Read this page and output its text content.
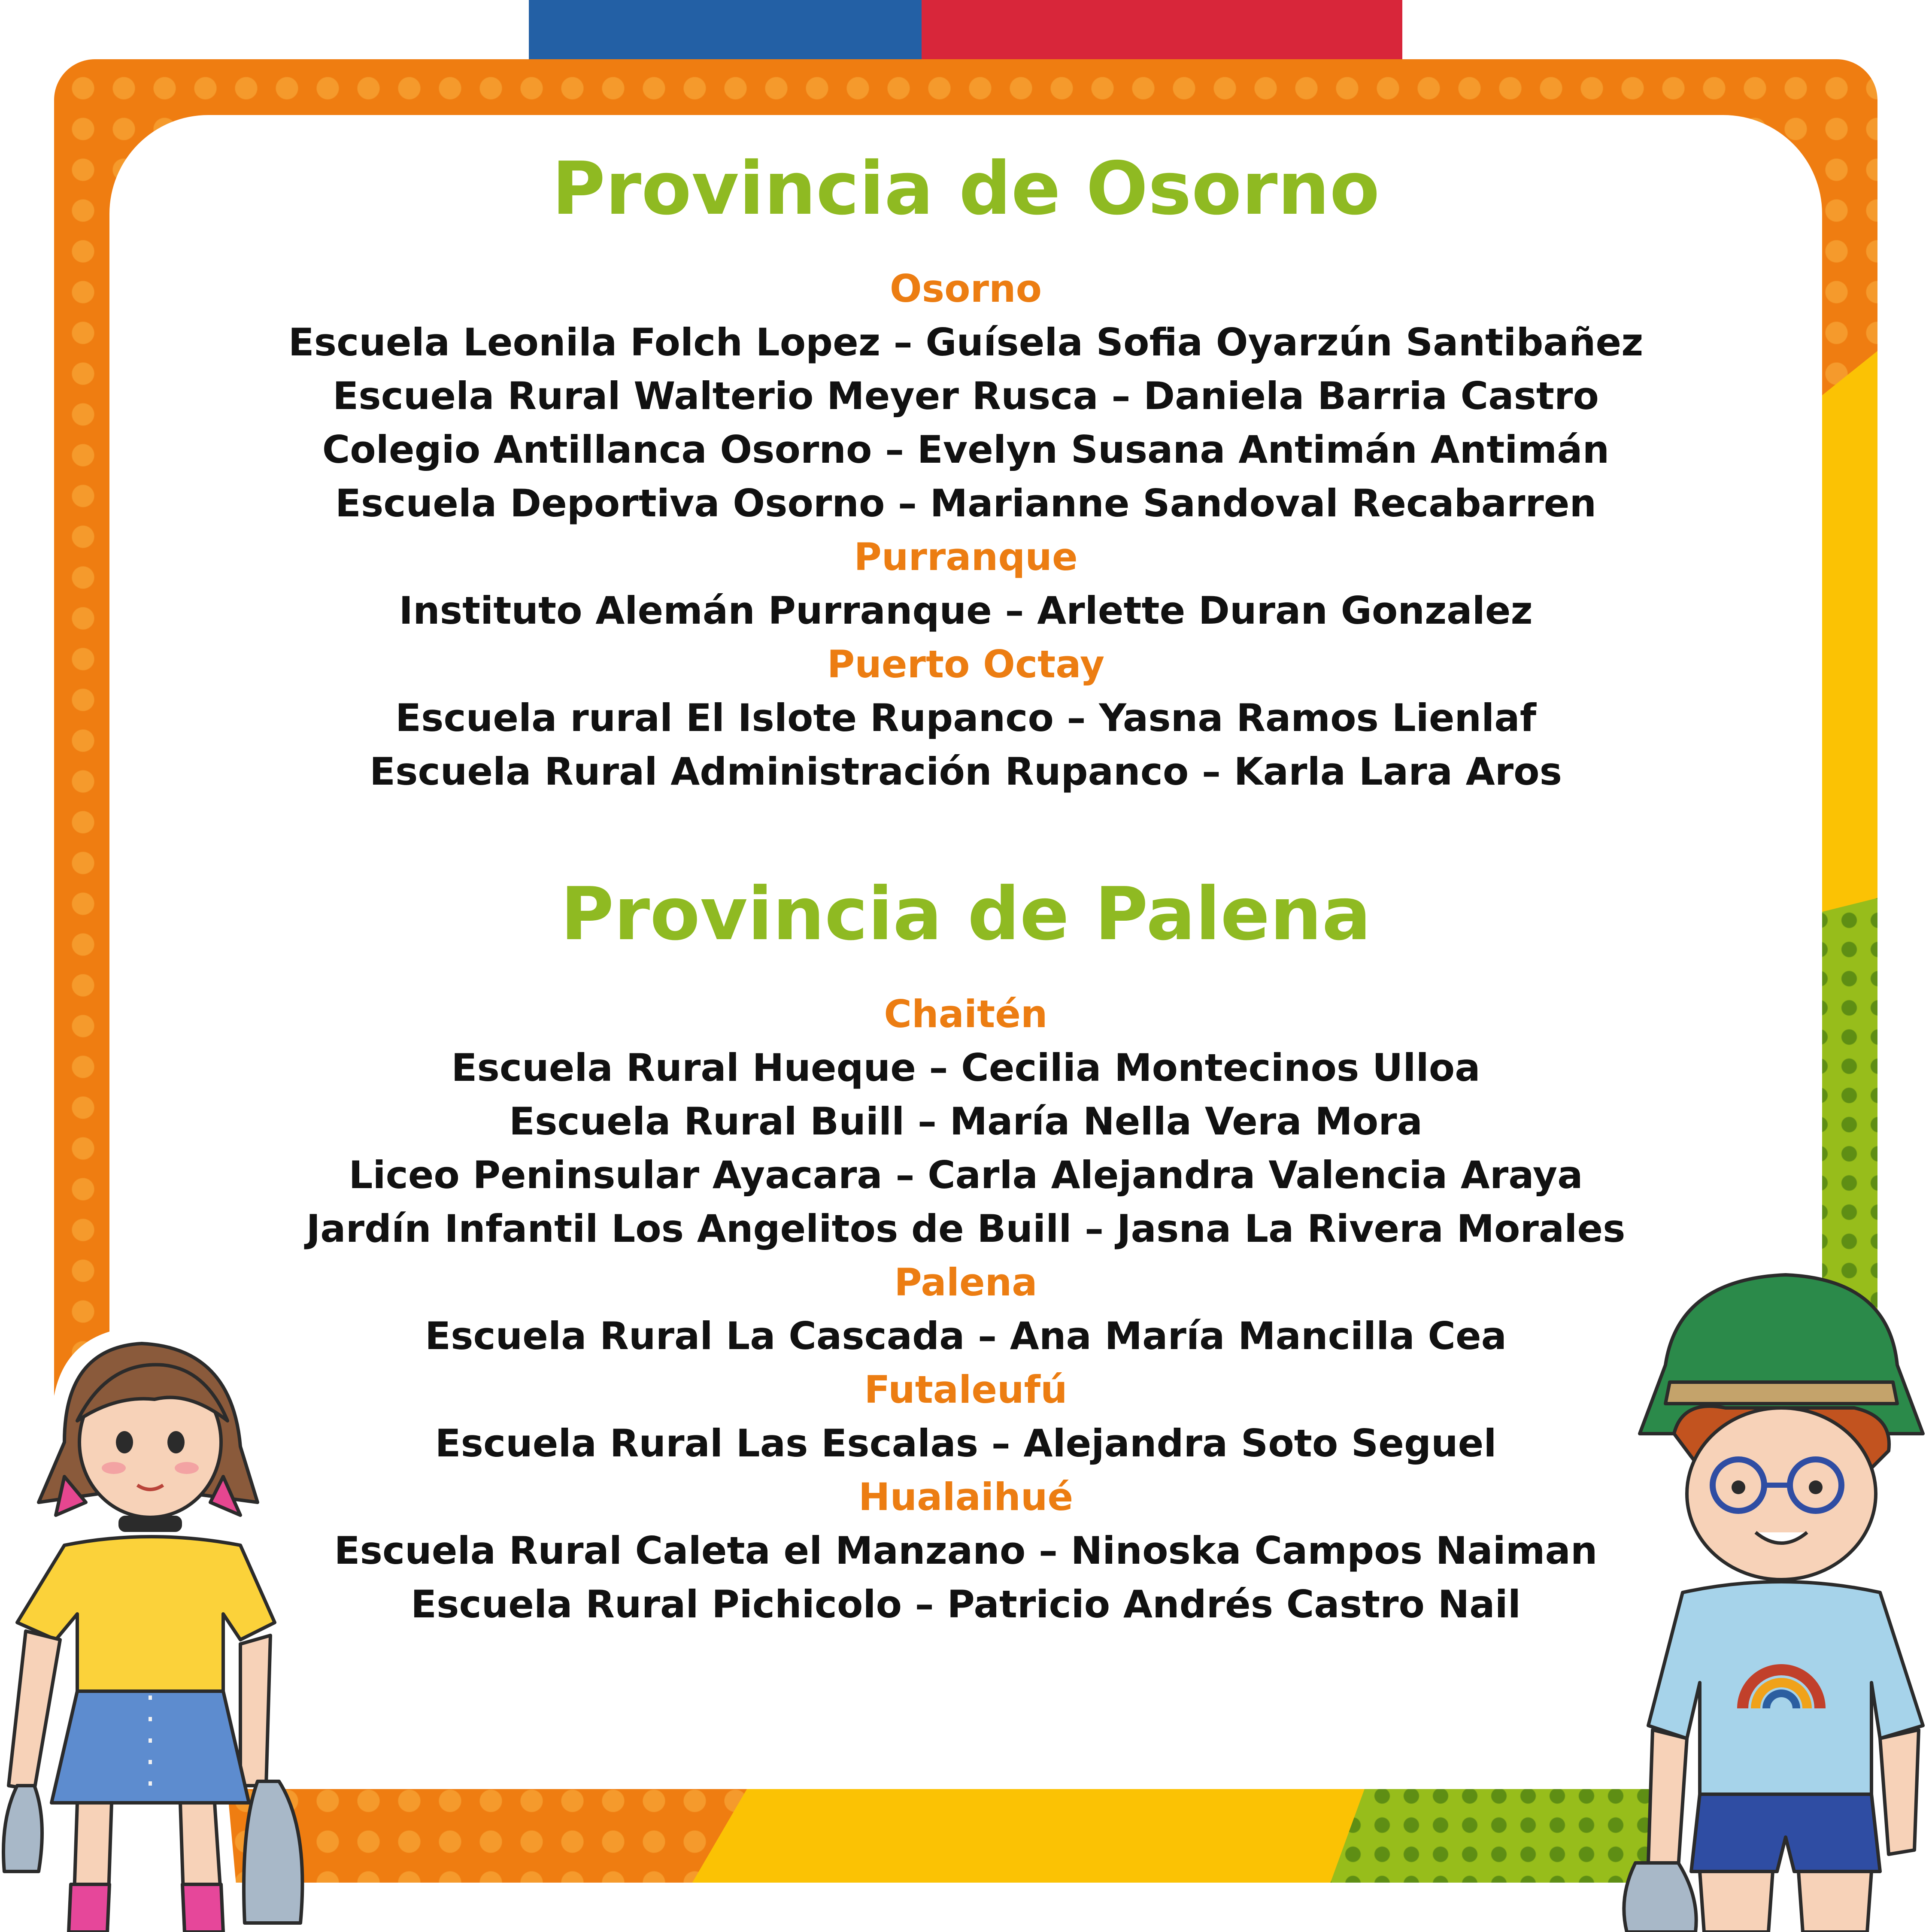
Provincia de Osorno
Osorno
Escuela Leonila Folch Lopez – Guísela Sofia Oyarzún Santibañez
Escuela Rural Walterio Meyer Rusca – Daniela Barria Castro
Colegio Antillanca Osorno – Evelyn Susana Antimán Antimán
Escuela Deportiva Osorno – Marianne Sandoval Recabarren
Purranque
Instituto Alemán Purranque – Arlette Duran Gonzalez
Puerto Octay
Escuela rural El Islote Rupanco – Yasna Ramos Lienlaf
Escuela Rural Administración Rupanco – Karla Lara Aros
Provincia de Palena
Chaitén
Escuela Rural Hueque – Cecilia Montecinos Ulloa
Escuela Rural Buill – María Nella Vera Mora
Liceo Peninsular Ayacara – Carla Alejandra Valencia Araya
Jardín Infantil Los Angelitos de Buill – Jasna La Rivera Morales
Palena
Escuela Rural La Cascada – Ana María Mancilla Cea
Futaleufú
Escuela Rural Las Escalas – Alejandra Soto Seguel
Hualaihué
Escuela Rural Caleta el Manzano – Ninoska Campos Naiman
Escuela Rural Pichicolo – Patricio Andrés Castro Nail
